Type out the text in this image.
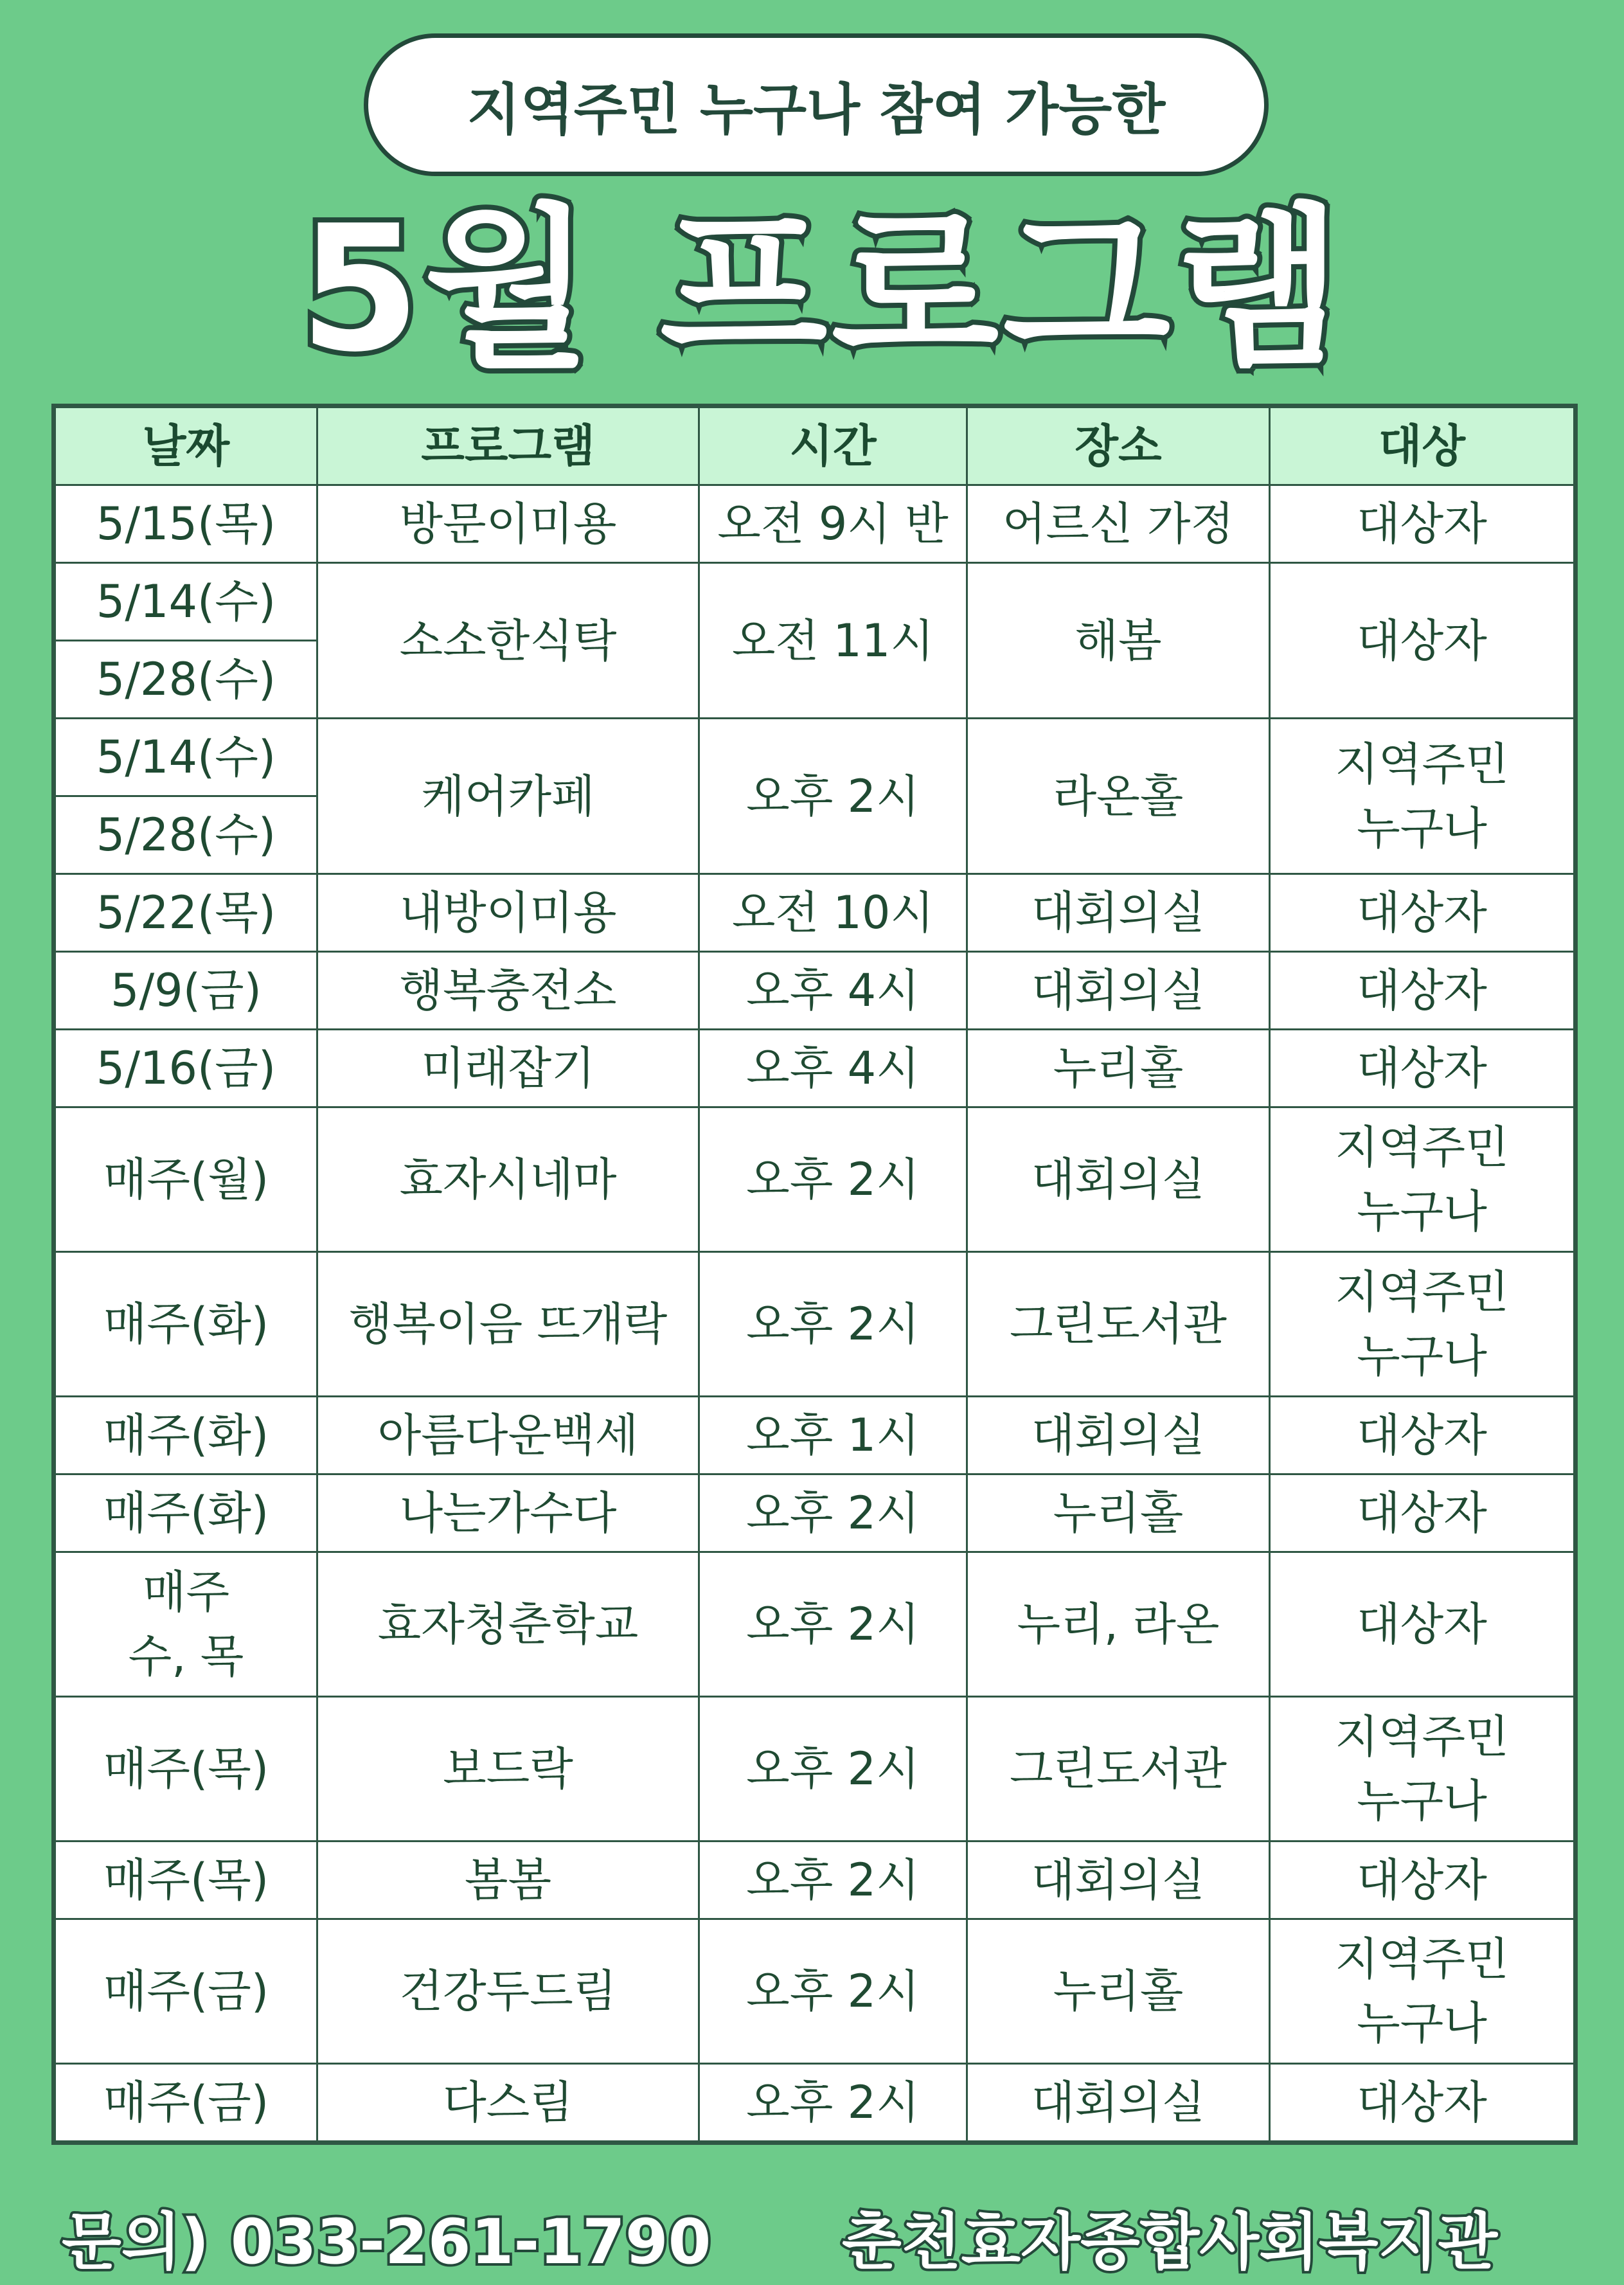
지역주민 누구나 참여 가능한
5월 프로그램
날짜	프로그램	시간	장소	대상
5/15(목)	방문이미용	오전 9시 반	어르신 가정	대상자
5/14(수)	소소한식탁	오전 11시	해봄	대상자
5/28(수)				
5/14(수)	케어카페	오후 2시	라온홀	지역주민
누구나
5/28(수)				
5/22(목)	내방이미용	오전 10시	대회의실	대상자
5/9(금)	행복충전소	오후 4시	대회의실	대상자
5/16(금)	미래잡기	오후 4시	누리홀	대상자
매주(월)	효자시네마	오후 2시	대회의실	지역주민
누구나
매주(화)	행복이음 뜨개락	오후 2시	그린도서관	지역주민
누구나
매주(화)	아름다운백세	오후 1시	대회의실	대상자
매주(화)	나는가수다	오후 2시	누리홀	대상자
매주
수, 목	효자청춘학교	오후 2시	누리, 라온	대상자
매주(목)	보드락	오후 2시	그린도서관	지역주민
누구나
매주(목)	봄봄	오후 2시	대회의실	대상자
매주(금)	건강두드림	오후 2시	누리홀	지역주민
누구나
매주(금)	다스림	오후 2시	대회의실	대상자
문의) 033-261-1790 춘천효자종합사회복지관
